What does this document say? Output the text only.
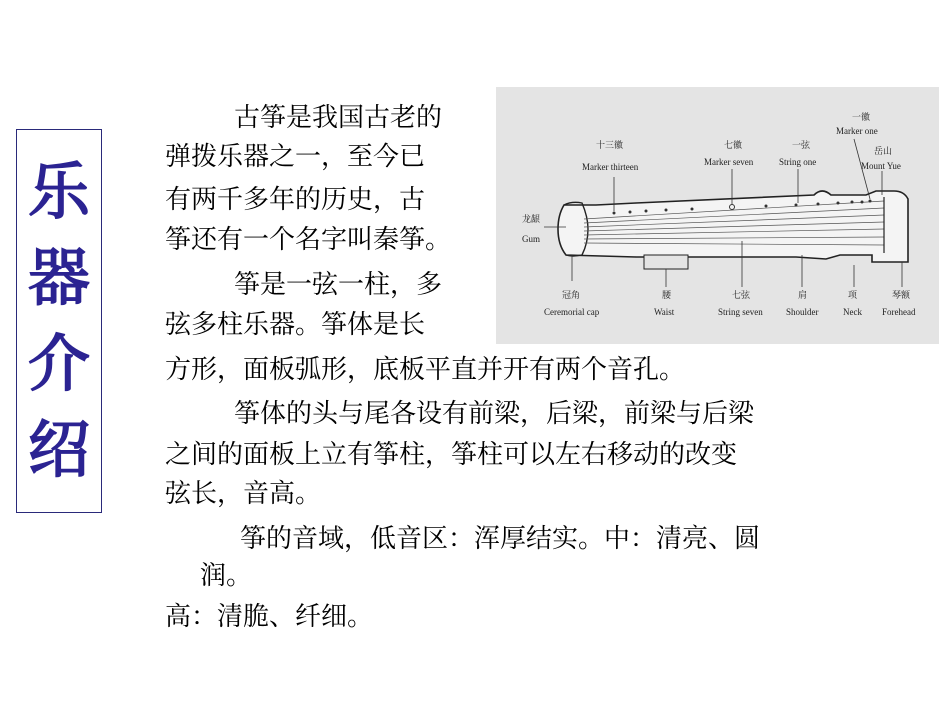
乐
器
介
绍
古筝是我国古老的
弹拨乐器之一，至今已
有两千多年的历史，古
筝还有一个名字叫秦筝。
筝是一弦一柱，多
弦多柱乐器。筝体是长
方形，面板弧形，底板平直并开有两个音孔。
筝体的头与尾各设有前梁，后梁，前梁与后梁
之间的面板上立有筝柱，筝柱可以左右移动的改变
弦长，音高。
筝的音域，低音区：浑厚结实。中：清亮、圆
润。
高：清脆、纤细。
一徽
Marker one
十三徽
Marker thirteen
七徽
Marker seven
一弦
String one
岳山
Mount Yue
龙龈
Gum
冠角
Ceremorial cap
腰
Waist
七弦
String seven
肩
Shoulder
项
Neck
琴额
Forehead
